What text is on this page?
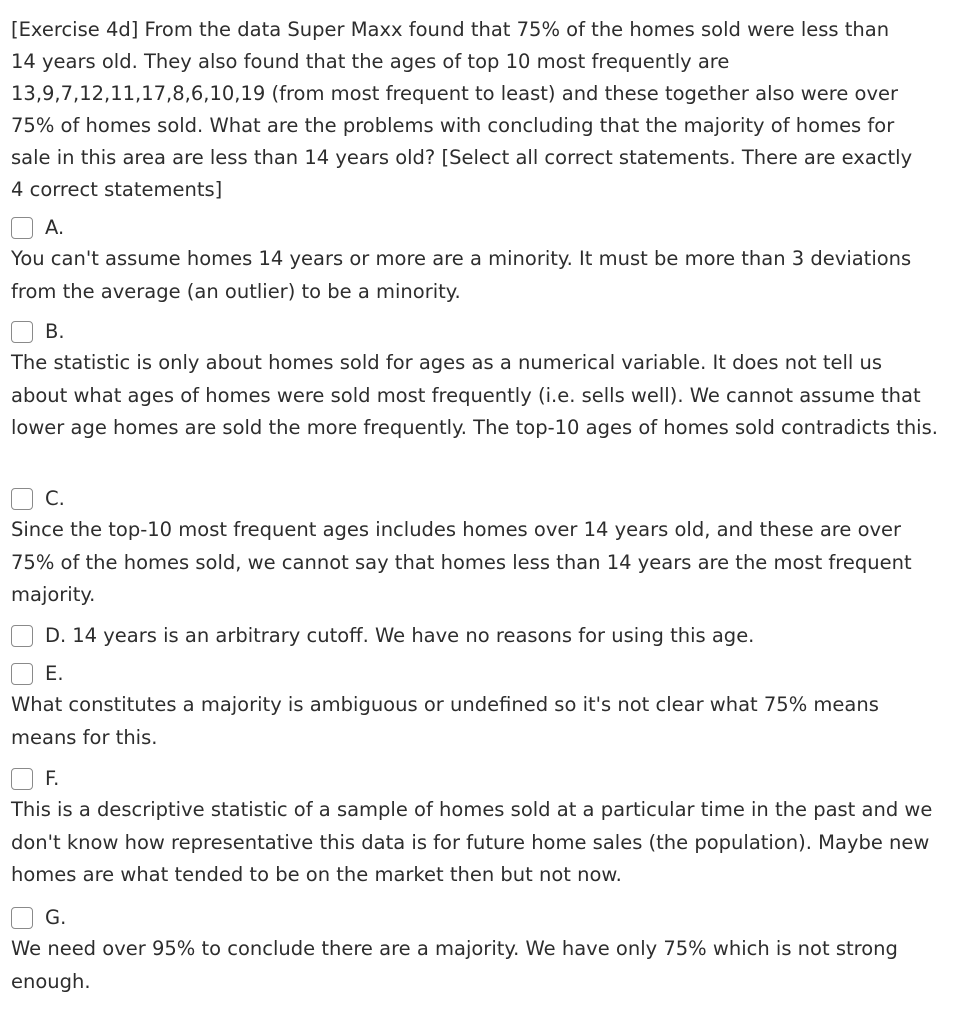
[Exercise 4d] From the data Super Maxx found that 75% of the homes sold were less than 14 years old. They also found that the ages of top 10 most frequently are 13,9,7,12,11,17,8,6,10,19 (from most frequent to least) and these together also were over 75% of homes sold. What are the problems with concluding that the majority of homes for sale in this area are less than 14 years old? [Select all correct statements. There are exactly 4 correct statements]
A.
You can't assume homes 14 years or more are a minority. It must be more than 3 deviations from the average (an outlier) to be a minority.
B.
The statistic is only about homes sold for ages as a numerical variable. It does not tell us about what ages of homes were sold most frequently (i.e. sells well). We cannot assume that lower age homes are sold the more frequently. The top-10 ages of homes sold contradicts this.
C.
Since the top-10 most frequent ages includes homes over 14 years old, and these are over 75% of the homes sold, we cannot say that homes less than 14 years are the most frequent majority.
D. 14 years is an arbitrary cutoff. We have no reasons for using this age.
E.
What constitutes a majority is ambiguous or undefined so it's not clear what 75% means means for this.
F.
This is a descriptive statistic of a sample of homes sold at a particular time in the past and we don't know how representative this data is for future home sales (the population). Maybe new homes are what tended to be on the market then but not now.
G.
We need over 95% to conclude there are a majority. We have only 75% which is not strong enough.
